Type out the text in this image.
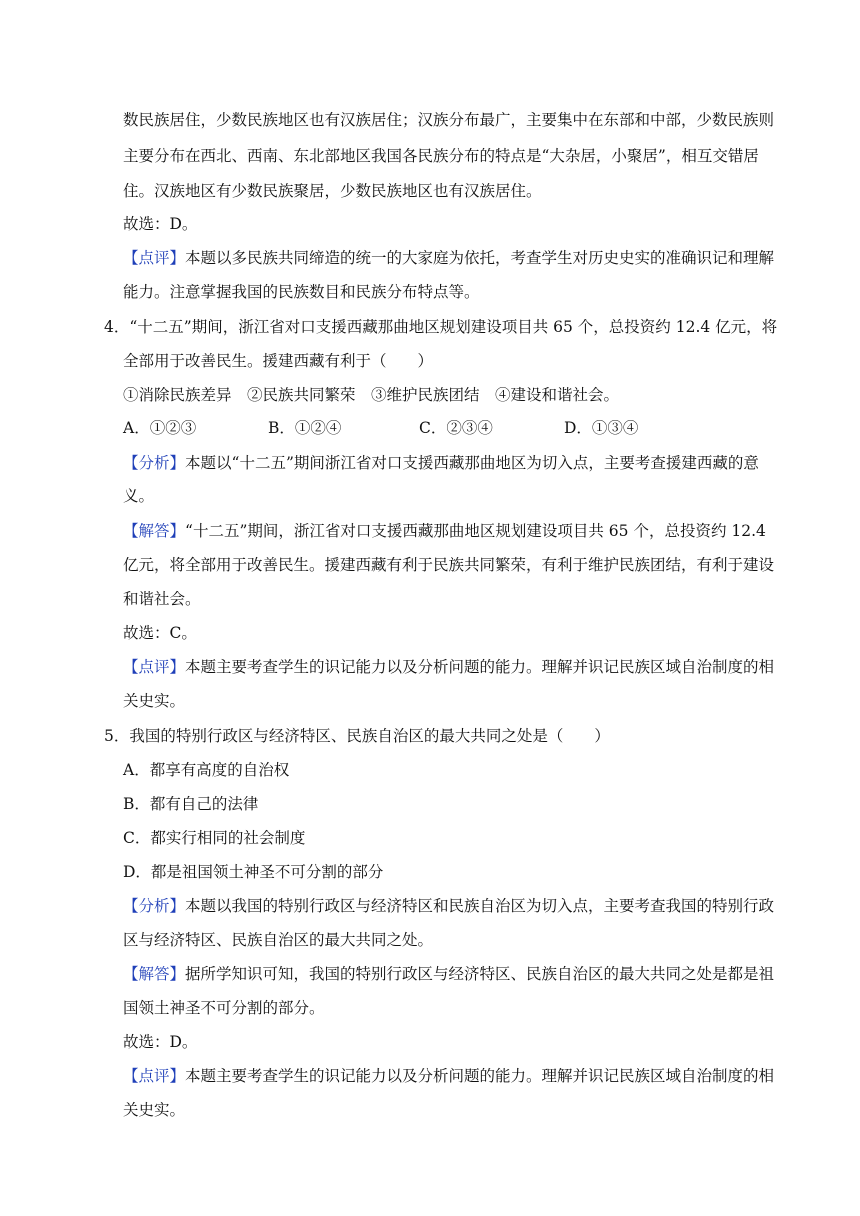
数民族居住，少数民族地区也有汉族居住；汉族分布最广，主要集中在东部和中部，少数民族则
主要分布在西北、西南、东北部地区我国各民族分布的特点是“大杂居，小聚居”，相互交错居
住。汉族地区有少数民族聚居，少数民族地区也有汉族居住。
故选：D。
【点评】本题以多民族共同缔造的统一的大家庭为依托，考查学生对历史史实的准确识记和理解
能力。注意掌握我国的民族数目和民族分布特点等。
4．“十二五”期间，浙江省对口支援西藏那曲地区规划建设项目共 65 个，总投资约 12.4 亿元，将
全部用于改善民生。援建西藏有利于（　　）
①消除民族差异　②民族共同繁荣　③维护民族团结　④建设和谐社会。
A．①②③	B．①②④	C．②③④	D．①③④
【分析】本题以“十二五”期间浙江省对口支援西藏那曲地区为切入点，主要考查援建西藏的意
义。
【解答】“十二五”期间，浙江省对口支援西藏那曲地区规划建设项目共 65 个，总投资约 12.4
亿元，将全部用于改善民生。援建西藏有利于民族共同繁荣，有利于维护民族团结，有利于建设
和谐社会。
故选：C。
【点评】本题主要考查学生的识记能力以及分析问题的能力。理解并识记民族区域自治制度的相
关史实。
5．我国的特别行政区与经济特区、民族自治区的最大共同之处是（　　）
A．都享有高度的自治权
B．都有自己的法律
C．都实行相同的社会制度
D．都是祖国领土神圣不可分割的部分
【分析】本题以我国的特别行政区与经济特区和民族自治区为切入点，主要考查我国的特别行政
区与经济特区、民族自治区的最大共同之处。
【解答】据所学知识可知，我国的特别行政区与经济特区、民族自治区的最大共同之处是都是祖
国领土神圣不可分割的部分。
故选：D。
【点评】本题主要考查学生的识记能力以及分析问题的能力。理解并识记民族区域自治制度的相
关史实。
